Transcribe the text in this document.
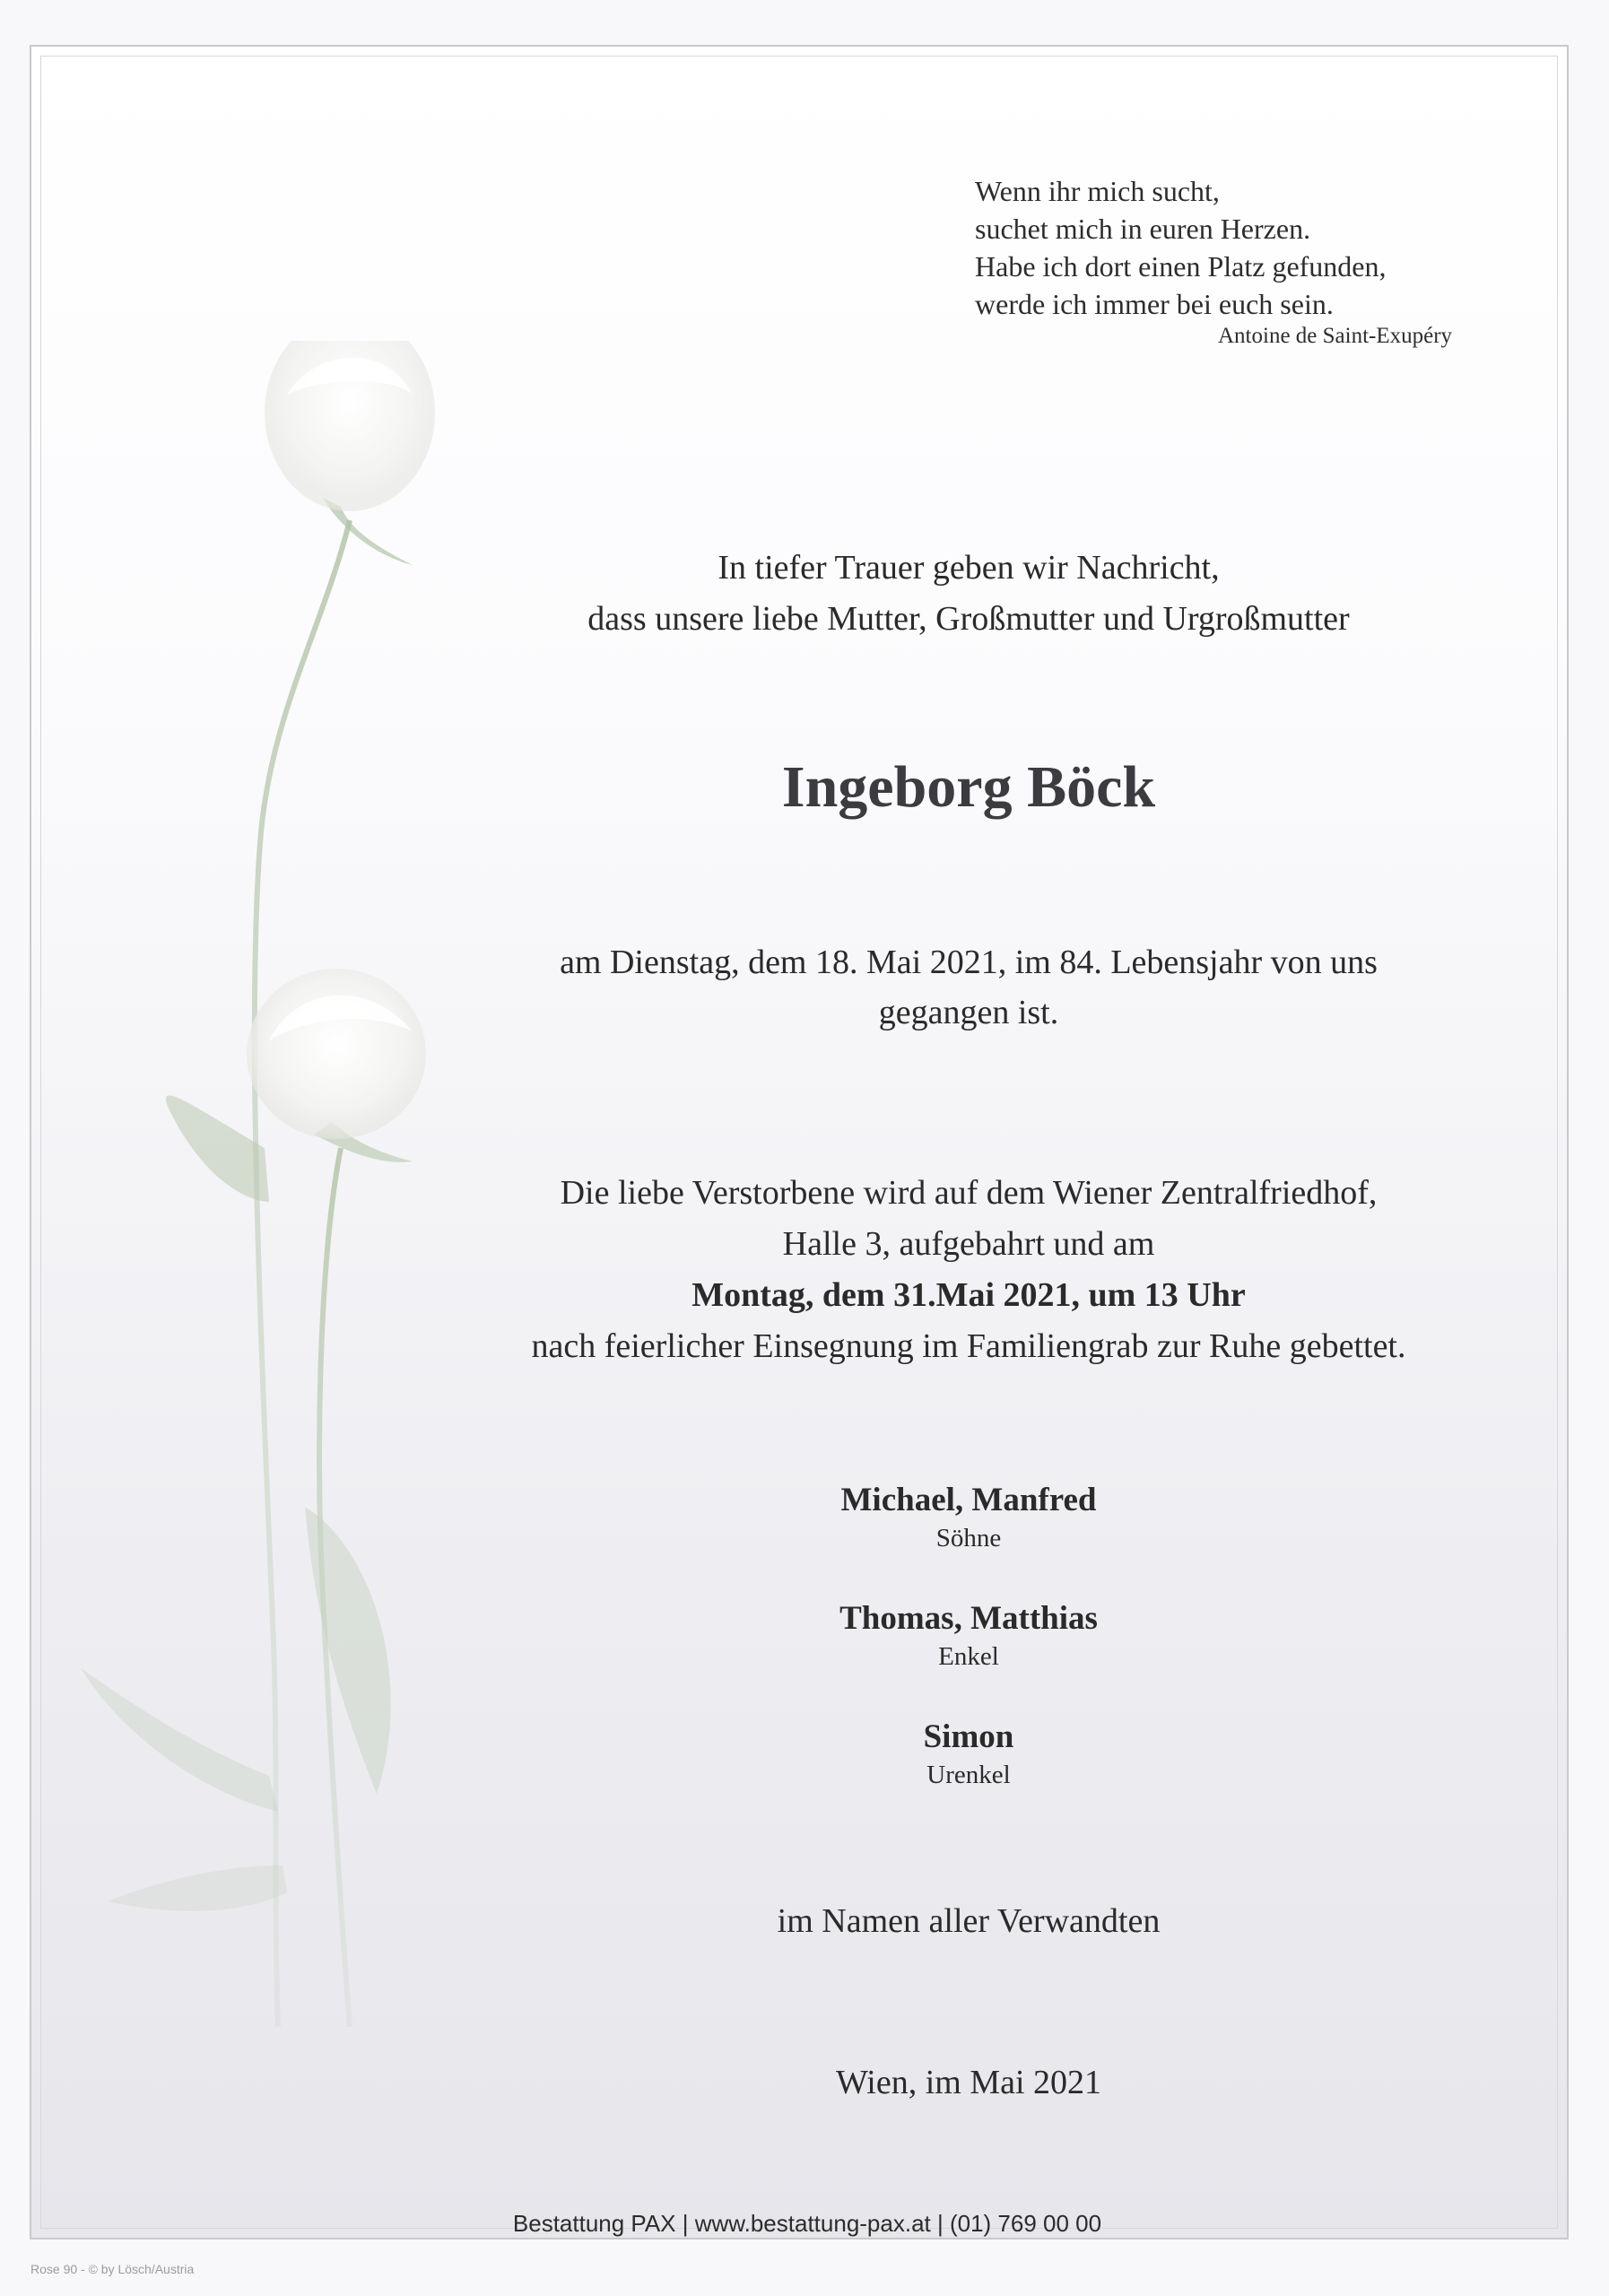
Wenn ihr mich sucht,

suchet mich in euren Herzen.

Habe ich dort einen Platz gefunden,

werde ich immer bei euch sein.

Antoine de Saint-Exupéry

In tiefer Trauer geben wir Nachricht,

dass unsere liebe Mutter, Großmutter und Urgroßmutter

Ingeborg Böck

am Dienstag, dem 18. Mai 2021, im 84. Lebensjahr von uns

gegangen ist.

Die liebe Verstorbene wird auf dem Wiener Zentralfriedhof,

Halle 3, aufgebahrt und am

Montag, dem 31.Mai 2021, um 13 Uhr

nach feierlicher Einsegnung im Familiengrab zur Ruhe gebettet.

Michael, Manfred
Söhne
Thomas, Matthias
Enkel
Simon
Urenkel
im Namen aller Verwandten
Wien, im Mai 2021
Bestattung PAX | www.bestattung-pax.at | (01) 769 00 00
Rose 90 - © by Lösch/Austria
